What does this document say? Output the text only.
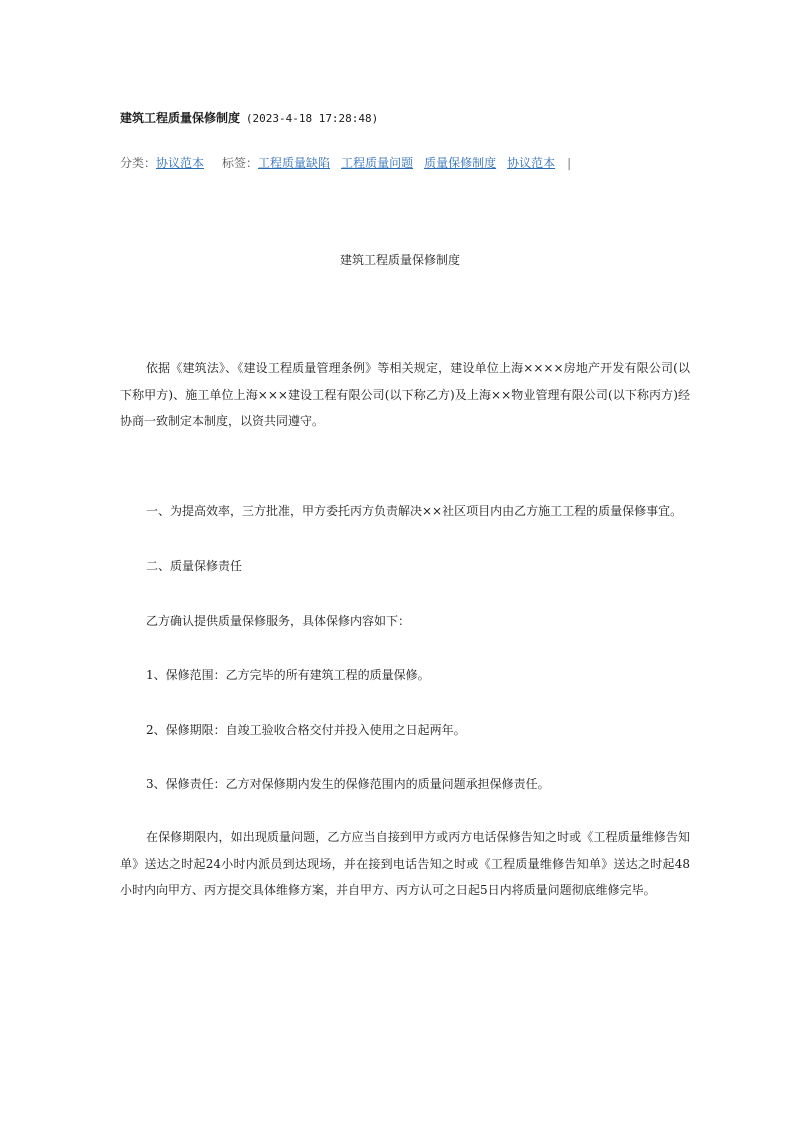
建筑工程质量保修制度 (2023-4-18 17:28:48)
分类：协议范本 标签：工程质量缺陷 工程质量问题 质量保修制度 协议范本 |
建筑工程质量保修制度

依据《建筑法》、《建设工程质量管理条例》等相关规定，建设单位上海××××房地产开发有限公司(以下称甲方)、施工单位上海×××建设工程有限公司(以下称乙方)及上海××物业管理有限公司(以下称丙方)经协商一致制定本制度，以资共同遵守。

一、为提高效率，三方批准，甲方委托丙方负责解决××社区项目内由乙方施工工程的质量保修事宜。

二、质量保修责任

乙方确认提供质量保修服务，具体保修内容如下：

1、保修范围：乙方完毕的所有建筑工程的质量保修。

2、保修期限：自竣工验收合格交付并投入使用之日起两年。

3、保修责任：乙方对保修期内发生的保修范围内的质量问题承担保修责任。

在保修期限内，如出现质量问题，乙方应当自接到甲方或丙方电话保修告知之时或《工程质量维修告知单》送达之时起24小时内派员到达现场，并在接到电话告知之时或《工程质量维修告知单》送达之时起48小时内向甲方、丙方提交具体维修方案，并自甲方、丙方认可之日起5日内将质量问题彻底维修完毕。
